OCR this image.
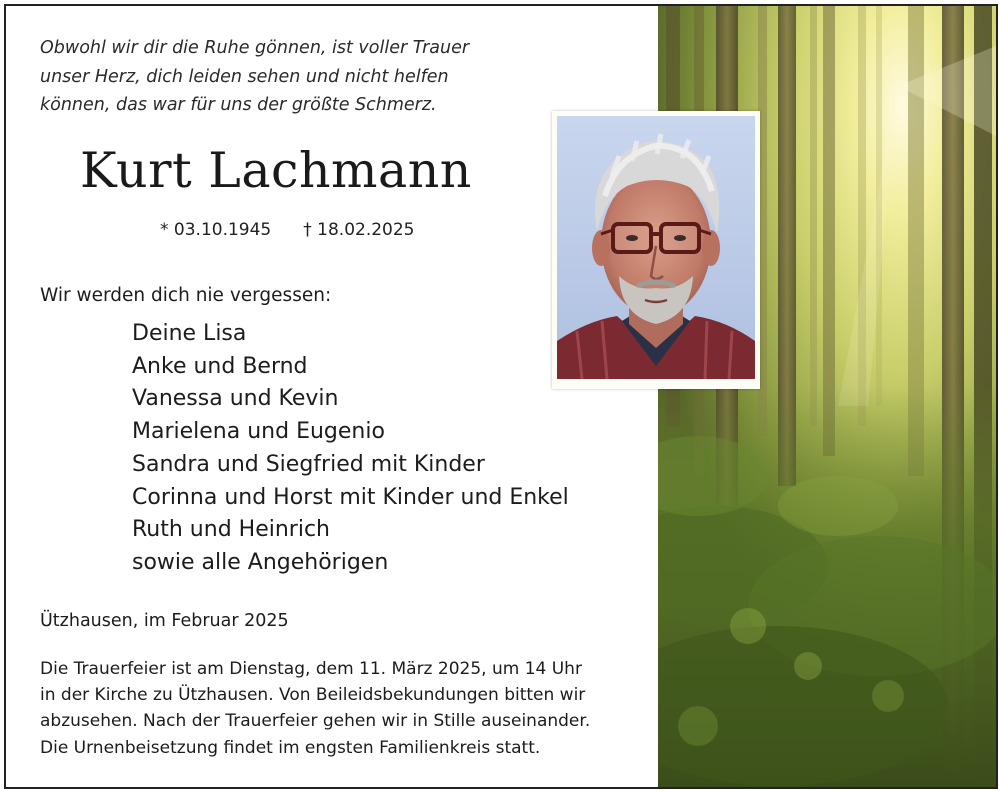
Obwohl wir dir die Ruhe gönnen, ist voller Trauer
unser Herz, dich leiden sehen und nicht helfen
können, das war für uns der größte Schmerz.
Kurt Lachmann
* 03.10.1945 † 18.02.2025
Wir werden dich nie vergessen:
Deine Lisa
Anke und Bernd
Vanessa und Kevin
Marielena und Eugenio
Sandra und Siegfried mit Kinder
Corinna und Horst mit Kinder und Enkel
Ruth und Heinrich
sowie alle Angehörigen
Ützhausen, im Februar 2025
Die Trauerfeier ist am Dienstag, dem 11. März 2025, um 14 Uhr
in der Kirche zu Ützhausen. Von Beileidsbekundungen bitten wir
abzusehen. Nach der Trauerfeier gehen wir in Stille auseinander.
Die Urnenbeisetzung findet im engsten Familienkreis statt.
